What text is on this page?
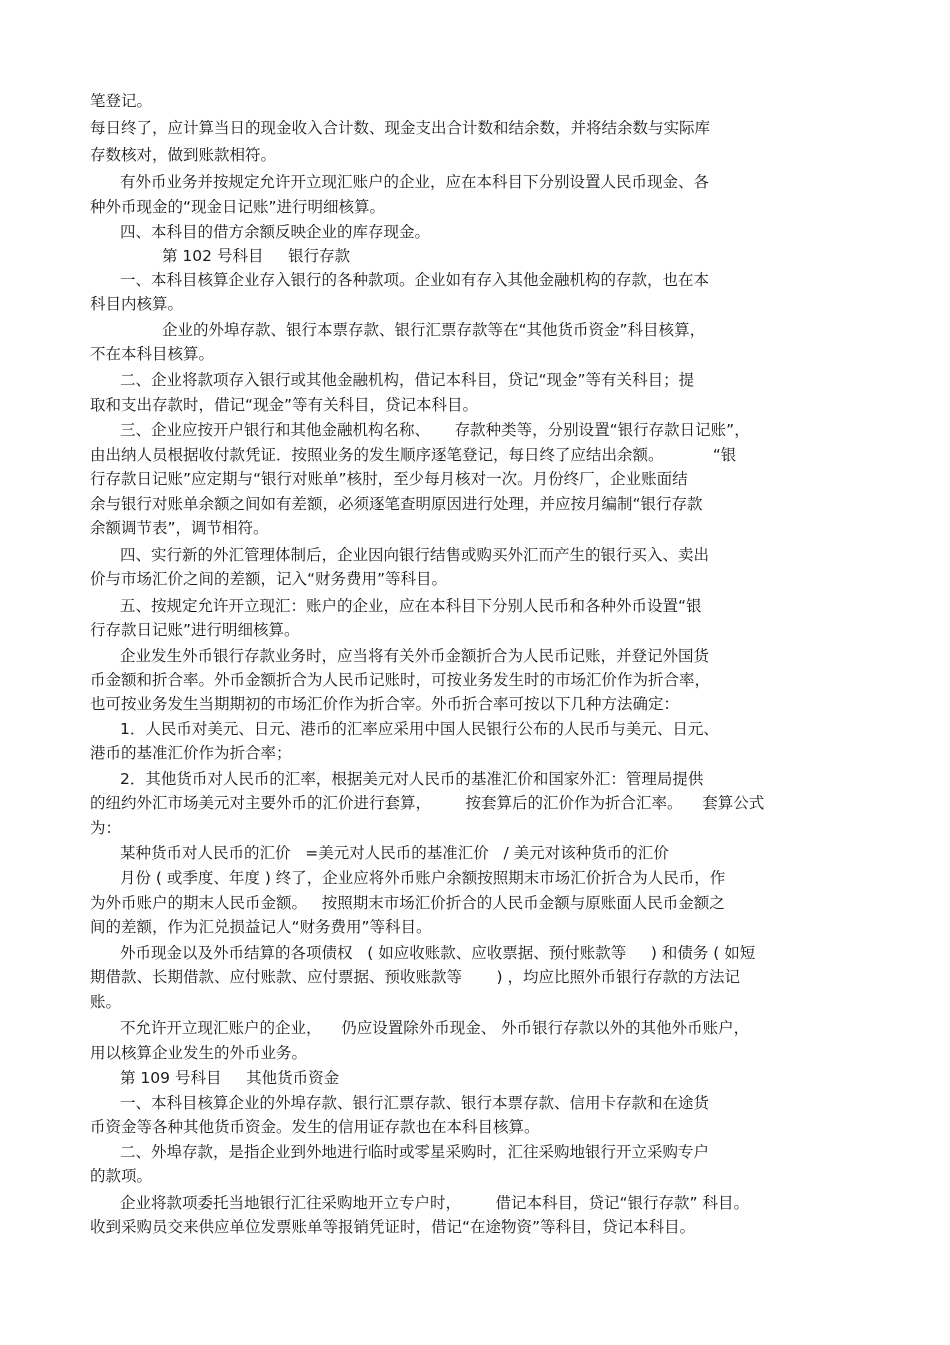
笔登记。
每日终了，应计算当日的现金收入合计数、现金支出合计数和结余数，并将结余数与实际库
存数核对，做到账款相符。
有外币业务并按规定允许开立现汇账户的企业，应在本科目下分别设置人民币现金、各
种外币现金的“现金日记账”进行明细核算。
四、本科目的借方余额反映企业的库存现金。
第 102 号科目     银行存款
一、本科目核算企业存入银行的各种款项。企业如有存入其他金融机构的存款，也在本
科目内核算。
企业的外埠存款、银行本票存款、银行汇票存款等在“其他货币资金”科目核算，
不在本科目核算。
二、企业将款项存入银行或其他金融机构，借记本科目，贷记“现金”等有关科目；提
取和支出存款时，借记“现金”等有关科目，贷记本科目。
三、企业应按开户银行和其他金融机构名称、     存款种类等，分别设置“银行存款日记账”，
由出纳人员根据收付款凭证．按照业务的发生顺序逐笔登记，每日终了应结出余额。          “银
行存款日记账”应定期与“银行对账单”核肘，至少每月核对一次。月份终厂，企业账面结
余与银行对账单余额之间如有差额，必须逐笔查明原因进行处理，并应按月编制“银行存款
余额调节表”，调节相符。
四、实行新的外汇管理体制后，企业因向银行结售或购买外汇而产生的银行买入、卖出
价与市场汇价之间的差额，记入“财务费用”等科目。
五、按规定允许开立现汇：账户的企业，应在本科目下分别人民币和各种外币设置“银
行存款日记账”进行明细核算。
企业发生外币银行存款业务时，应当将有关外币金额折合为人民币记账，并登记外国货
币金额和折合率。外币金额折合为人民币记账时，可按业务发生时的市场汇价作为折合率，
也可按业务发生当期期初的市场汇价作为折合宰。外币折合率可按以下几种方法确定：
1．人民币对美元、日元、港币的汇率应采用中国人民银行公布的人民币与美元、日元、
港币的基准汇价作为折合率；
2．其他货币对人民币的汇率，根据美元对人民币的基准汇价和国家外汇：管理局提供
的纽约外汇市场美元对主要外币的汇价进行套算，       按套算后的汇价作为折合汇率。    套算公式
为：
某种货币对人民币的汇价   =美元对人民币的基准汇价   / 美元对该种货币的汇价
月份 ( 或季度、年度 ) 终了，企业应将外币账户余额按照期末市场汇价折合为人民币，作
为外币账户的期末人民币金额。   按照期末市场汇价折合的人民币金额与原账面人民币金额之
间的差额，作为汇兑损益记人“财务费用”等科目。
外币现金以及外币结算的各项债权   ( 如应收账款、应收票据、预付账款等     ) 和债务 ( 如短
期借款、长期借款、应付账款、应付票据、预收账款等       ) ，均应比照外币银行存款的方法记
账。
不允许开立现汇账户的企业，    仍应设置除外币现金、 外币银行存款以外的其他外币账户，
用以核算企业发生的外币业务。
第 109 号科目     其他货币资金
一、本科目核算企业的外埠存款、银行汇票存款、银行本票存款、信用卡存款和在途货
币资金等各种其他货币资金。发生的信用证存款也在本科目核算。
二、外埠存款，是指企业到外地进行临时或零星采购时，汇往采购地银行开立采购专户
的款项。
企业将款项委托当地银行汇往采购地开立专户时，       借记本科目，贷记“银行存款” 科目。
收到采购员交来供应单位发票账单等报销凭证时，借记“在途物资”等科目，贷记本科目。
